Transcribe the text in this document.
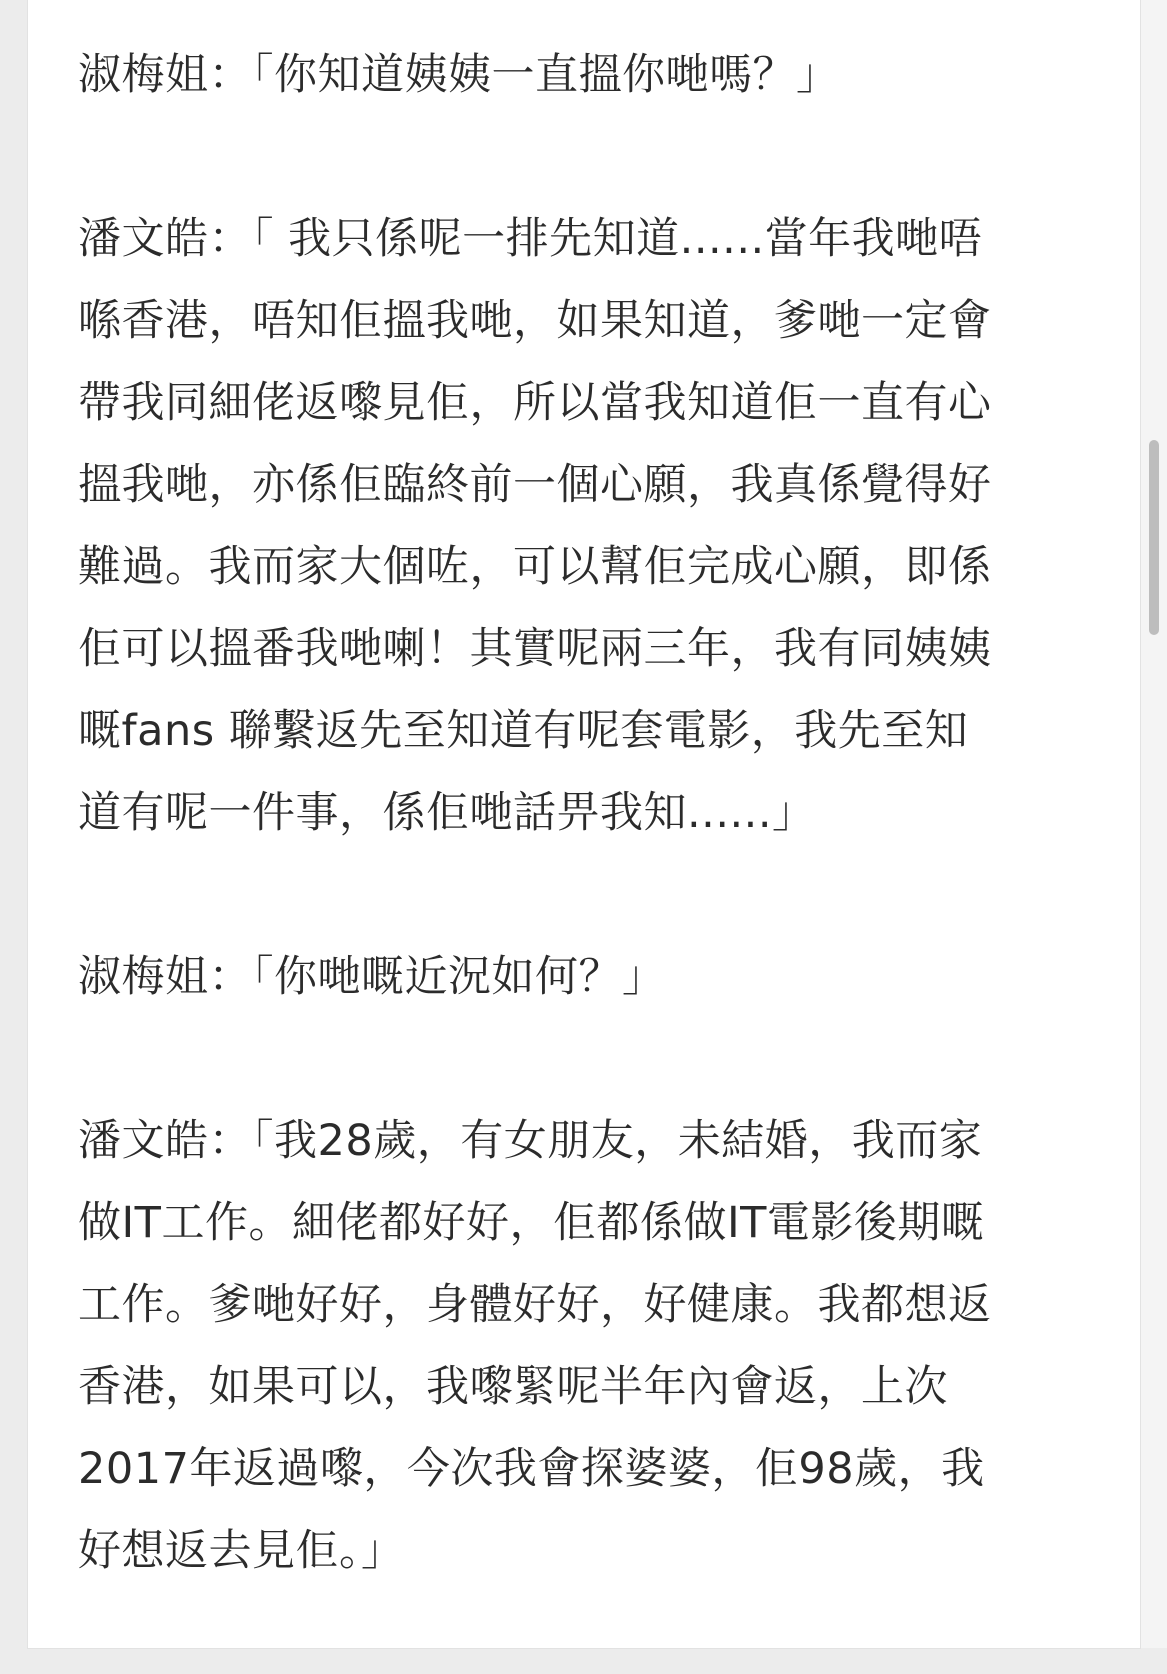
淑梅姐：「你知道姨姨一直搵你哋嗎？」

潘文皓：「 我只係呢一排先知道......當年我哋唔
喺香港，唔知佢搵我哋，如果知道，爹哋一定會
帶我同細佬返嚟見佢，所以當我知道佢一直有心
搵我哋，亦係佢臨終前一個心願，我真係覺得好
難過。我而家大個咗，可以幫佢完成心願，即係
佢可以搵番我哋喇！其實呢兩三年，我有同姨姨
嘅fans 聯繫返先至知道有呢套電影，我先至知
道有呢一件事，係佢哋話畀我知......」

淑梅姐：「你哋嘅近況如何？」

潘文皓：「我28歲，有女朋友，未結婚，我而家
做IT工作。細佬都好好，佢都係做IT電影後期嘅
工作。爹哋好好，身體好好，好健康。我都想返
香港，如果可以，我嚟緊呢半年內會返，上次
2017年返過嚟，今次我會探婆婆，佢98歲，我
好想返去見佢。」
